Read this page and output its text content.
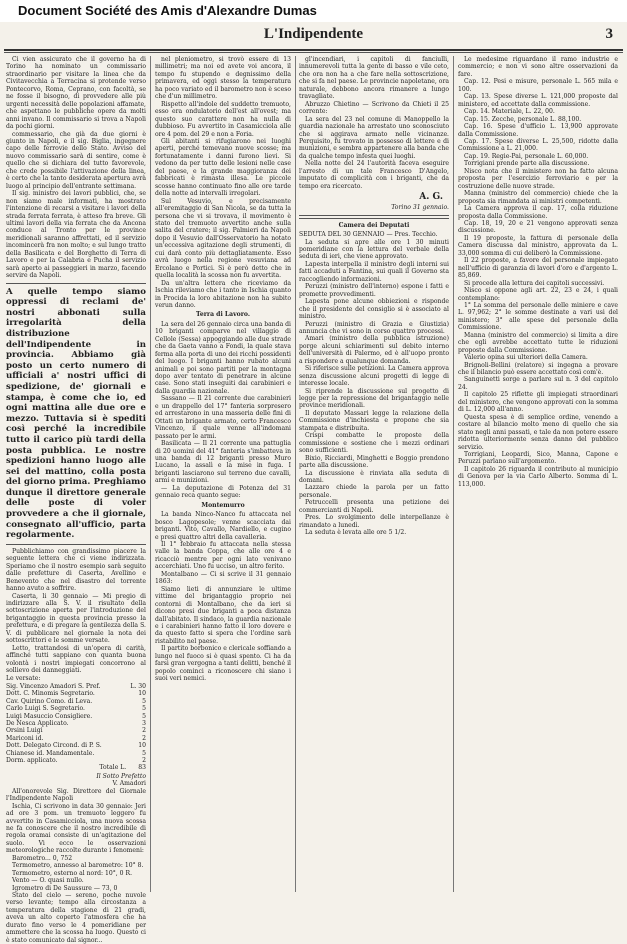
Document Société des Amis d'Alexandre Dumas
L'Indipendente	3

Ci vien assicurato che il governo ha di Torino ha nominato un commissario straordinario per visitare la linea che da Civitavecchia a Terracina si protende verso Pontecorvo, Roma, Ceprano, con facoltà, se ne fosse il bisogno, di provvedere alle più urgenti necessità delle popolazioni affamate, che aspettano le pubbliche opere da molti anni invano. Il commissario si trova a Napoli da pochi giorni.

commessario, che già da due giorni è giunto in Napoli, e il sig. Biglia, ingegnere capo delle ferrovie dello Stato. Avviso del nuovo commissario sarà di sentire, come è quello che si dichiara del tutto favorevole, che crede possibile l'attivazione della linea, è certo che la tanto desiderata apertura avrà luogo al principio dell'entrante settimana.

Il sig. ministro dei lavori pubblici, che, se non siamo male informati, ha mostrato l'intenzione di recarsi a visitare i lavori della strada ferrata ferrata, è atteso fra breve. Gli ultimi lavori della via ferrata che da Ancona conduce al Tronto per le province meridionali saranno affrettati, ed il servizio incomincerà fra non molto; e sul lungo tratto della Basilicata e del Borghetto di Terra di Lavoro e per la Calabria e Pucha il servizio sarà aperto ai passeggieri in marzo, facendo servire da Napoli.

A quelle tempo siamo oppressi di reclami de' nostri abbonati sulla irregolarità della distribuzione dell'Indipendente in provincia. Abbiamo già posto un certo numero di ufficiali a' nostri uffici di spedizione, de' giornali e stampa, è come che io, ed ogni mattina alle due ore e mezzo. Tuttavia si è spediti così perché la incredibile tutto il carico più tardi della posta pubblica. Le nostre spedizioni hanno luogo alle sei del mattino, colla posta del giorno prima. Preghiamo dunque il direttore generale delle poste di voler provvedere a che il giornale, consegnato all'ufficio, parta regolarmente.

Pubblichiamo con grandissimo piacere la seguente lettera che ci viene indirizzata. Speriamo che il nostro esempio sarà seguito dalle prefetture di Caserta, Avellino e Benevento che nel disastro del torrente hanno avuto a soffrire.

Caserta, li 30 gennaio — Mi pregio di indirizzare alla S. V. il risultato della sottoscrizione aperta per l'introduzione del brigantaggio in questa provincia presso la prefettura, e di pregare la gentilezza della S. V. di pubblicare nel giornale la nota dei sottoscrittori e le somme versate.

Letto, trattandosi di un'opera di carità, affinché tutti sappiano con quanta buona volontà i nostri impiegati concorrono al sollievo dei danneggiati.

Le versate:

Sig. Vincenzo Amadori S. Pref.	L. 30
Dott. C. Minomis Segretario.	10
Cav. Quirino Como. di Leva.	5
Carlo Luigi S. Segretario.	5
Luigi Masuccio Consigliere.	5
De Nesca Applicato.	3
Orsini Luigi	2
Mariconi id.	2
Dott. Delegato Circond. di P. S.	10
Chianese id. Mandamentale.	5
Dorm. applicato.	2
Totale L. 83
Il Sotto Prefetto
V. Amadori

All'onorevole Sig. Direttore del Giornale l'Indipendente Napoli

Ischia, Ci scrivono in data 30 gennaio: Jeri ad ore 3 pom. un tremuoto leggero fu avvertito in Casamicciola, una nuova scossa ne fa conoscere che il nostro incredibile di regola oramai consiste di un'agitazione del suolo. Vi ecco le osservazioni meteorologiche raccolte durante i fenomeni:

Barometro... 0, 752

Termometro, annesso al barometro: 10° 8.

Termometro, esterno al nord: 10°, 0 R.

Vento — O. quasi nullo.

Igrometro di De Saussure — 73, 0

Stato del cielo — sereno, poche nuvole verso levante; tempo alla circostanza a temperatura della stagione di 21 gradi, aveva un alto coperto l'atmosfera che ha durato fino verso le 4 pomeridiane per ammettere che la scossa ha luogo. Questo ci è stato comunicato dal signor...

nel pleniometro, si trovò essere di 13 millimetri; ma noi ed avete voi ancora, il tempo fu stupendo e degnissimo della primavera, ed oggi stesso la temperatura ha poco variato ed il barometro non è sceso che d'un millimetro.

Rispetto all'indole del suddetto tremuoto, esso era ondulatorio dell'est all'ovest; ma questo suo carattere non ha nulla di dubbioso. Fu avvertito in Casamicciola alle ore 4 pom. del 29 e non a Foria.

Gli abitanti si rifugiarono nei luoghi aperti, perché temevano nuove scosse; ma fortunatamente i danni furono lievi. Si vedono da per tutto delle lesioni nelle case del paese, e la grande maggioranza dei fabbricati è rimasta illesa. Le piccole scosse hanno continuato fino alle ore tarde della notte ad intervalli irregolari.

Sul Vesuvio, e precisamente all'eremitaggio di San Nicola, se da tutta la persona che vi si trovava, il movimento è stato del tremuoto avvertito anche sulla salita del cratere; il sig. Palmieri da Napoli dopo il Vesuvio dall'Osservatorio ha notato un'eccessiva agitazione degli strumenti, di cui darà conto più dettagliatamente. Esso avrà luogo nella regione vesuviana ad Ercolano e Portici. Si è però detto che in quella località la scossa non fu avvertita.

Da un'altra lettera che riceviamo da Ischia rileviamo che i tanto in Ischia quanto in Procida la loro abitazione non ha subito verun danno.

Terra di Lavoro.

La sera del 26 gennaio circa una banda di 10 briganti comparve nel villaggio di Cellole (Sessa) appoggiando alle due strade che da Gaeta vanno a Fondi, la quale stava ferma alla porta di uno dei ricchi possidenti del luogo. I briganti hanno rubato alcuni animali e poi sono partiti per la montagna dopo aver tentato di penetrare in alcune case. Sono stati inseguiti dai carabinieri e dalla guardia nazionale.

Sassano — Il 21 corrente due carabinieri e un drappello del 17° fanteria sorpresero ed arrestarono in una masseria delle fini di Ottati un brigante armato, certo Francesco Vincenzo, il quale venne all'indomani passato per le armi.

Basilicata — Il 21 corrente una pattuglia di 20 uomini del 41° fanteria s'imbatteva in una banda di 12 briganti presso Muro Lucano, la assalì e la mise in fuga. I briganti lasciarono sul terreno due cavalli, armi e munizioni.

— La deputazione di Potenza del 31 gennaio reca quanto segue:

Montemurro

La banda Ninco-Nanco fu attaccata nel bosco Lagopesole; venne scacciata dai briganti. Vito, Cavallo, Nardiello, e cugino e presi quattro altri della cavalleria.

Il 1° febbraio fu attaccata nella stessa valle la banda Coppa, che alle ore 4 e ricacciò mentre per ogni lato venivano accerchiati. Uno fu ucciso, un altro ferito.

Montalbano — Ci si scrive il 31 gennaio 1863:

Siamo lieti di annunziare le ultime vittime del brigantaggio proprio nei contorni di Montalbano, che da ieri si dicono presi due briganti a poca distanza dall'abitato. Il sindaco, la guardia nazionale e i carabinieri hanno fatto il loro dovere e da questo fatto si spera che l'ordine sarà ristabilito nel paese.

Il partito borbonico e clericale soffiando a lungo nel fuoco si è quasi spento. Ci ha da farsi gran vergogna a tanti delitti, benché il popolo cominci a riconoscere chi siano i suoi veri nemici.

gl'incendiari, i capitoli di fanciulli, innumerevoli tutta la gente di basso e vile ceto, che ora non ha a che fare nella sottoscrizione, che si fa nel paese. Le provincie napoletane, ora naturale, debbono ancora rimanere a lungo travagliate.

Abruzzo Chietino — Scrivono da Chieti il 25 corrente:

La sera del 23 nel comune di Manoppello la guardia nazionale ha arrestato uno sconosciuto che si aggirava armato nelle vicinanze. Perquisito, fu trovato in possesso di lettere e di munizioni, e sembra appartenere alla banda che da qualche tempo infesta quei luoghi.

Nella notte del 24 l'autorità faceva eseguire l'arresto di un tale Francesco D'Angelo, imputato di complicità con i briganti, che da tempo era ricercato.

A. G.

Torino 31 gennaio.

Camera dei Deputati

SEDUTA DEL 30 GENNAIO — Pres. Tecchio.

La seduta si apre alle ore 1 30 minuti pomeridiane con la lettura del verbale della seduta di ieri, che viene approvato.

Lapesta interpella il ministro degli interni sui fatti accaduti a Fantina, sui quali il Governo sta raccogliendo informazioni.

Peruzzi (ministro dell'interno) espone i fatti e promette provvedimenti.

Lapesta pone alcune obbiezioni e risponde che il presidente del consiglio si è associato al ministro.

Peruzzi (ministro di Grazia e Giustizia) annuncia che vi sono in corso quattro processi.

Amari (ministro della pubblica istruzione) porge alcuni schiarimenti sul debito interno dell'università di Palermo, ed è all'uopo pronto a rispondere a qualunque domanda.

Si riferisce sulle petizioni. La Camera approva senza discussione alcuni progetti di legge di interesse locale.

Si riprende la discussione sul progetto di legge per la repressione del brigantaggio nelle province meridionali.

Il deputato Massari legge la relazione della Commissione d'inchiesta e propone che sia stampata e distribuita.

Crispi combatte le proposte della commissione e sostiene che i mezzi ordinari sono sufficienti.

Bixio, Ricciardi, Minghetti e Boggio prendono parte alla discussione.

La discussione è rinviata alla seduta di domani.

Lazzaro chiede la parola per un fatto personale.

Petruccelli presenta una petizione dei commercianti di Napoli.

Pres. Lo svolgimento delle interpellanze è rimandato a lunedì.

La seduta è levata alle ore 5 1/2.

Le medesime riguardano il ramo industrie e commercio; e non vi sono altre osservazioni da fare.

Cap. 12. Pesi e misure, personale L. 565 mila e 100.

Cap. 13. Spese diverse L. 121,000 proposte dal ministero, ed accettate dalla commissione.

Cap. 14. Materiale, L. 22, 00.

Cap. 15. Zecche, personale L. 88,100.

Cap. 16. Spese d'ufficio L. 13,900 approvate dalla Commissione.

Cap. 17. Spese diverse L. 25,500, ridotte dalla Commissione a L. 21,000.

Cap. 19. Regie-Pai, personale L. 60,000.

Torrigiani prende parte alla discussione.

Nisco nota che il ministero non ha fatto alcuna proposta per l'esercizio ferroviario e per la costruzione delle nuove strade.

Manna (ministro del commercio) chiede che la proposta sia rimandata ai ministri competenti.

La Camera approva il cap. 17, colla riduzione proposta dalla Commissione.

Cap. 18, 19, 20 e 21 vengono approvati senza discussione.

Il 19 proposte, la fattura di personale della Camera discussa dal ministro, approvata da L. 33,000 somma di cui deliberò la Commissione.

Il 22 proposte, a favore del personale impiegato nell'ufficio di garanzia di lavori d'oro e d'argento L. 85,869.

Si procede alla lettura dei capitoli successivi.

Nisco si oppone agli art. 22, 23 e 24, i quali contemplano:

1° La somma del personale delle miniere e cave L. 97,962; 2° le somme destinate a vari usi del ministero; 3° alle spese del personale della Commissione.

Manna (ministro del commercio) si limita a dire che egli avrebbe accettato tutte le riduzioni proposte dalla Commissione.

Valerio opina sui ulteriori della Camera.

Brignoli-Bellini (relatore) si ingegna a provare che il bilancio può essere accettato così com'è.

Sanguinetti sorge a parlare sul n. 3 del capitolo 24.

Il capitolo 25 riflette gli impiegati straordinari del ministero, che vengono approvati con la somma di L. 12,000 all'anno.

Questa spesa è di semplice ordine, venendo a costare al bilancio molto meno di quello che sia stato negli anni passati, e tale da non potere essere ridotta ulteriormente senza danno del pubblico servizio.

Torrigiani, Leopardi, Sico, Manna, Capone e Peruzzi parlano sull'argomento.

Il capitolo 26 riguarda il contributo al municipio di Genova per la via Carlo Alberto. Somma di L. 113,000.
